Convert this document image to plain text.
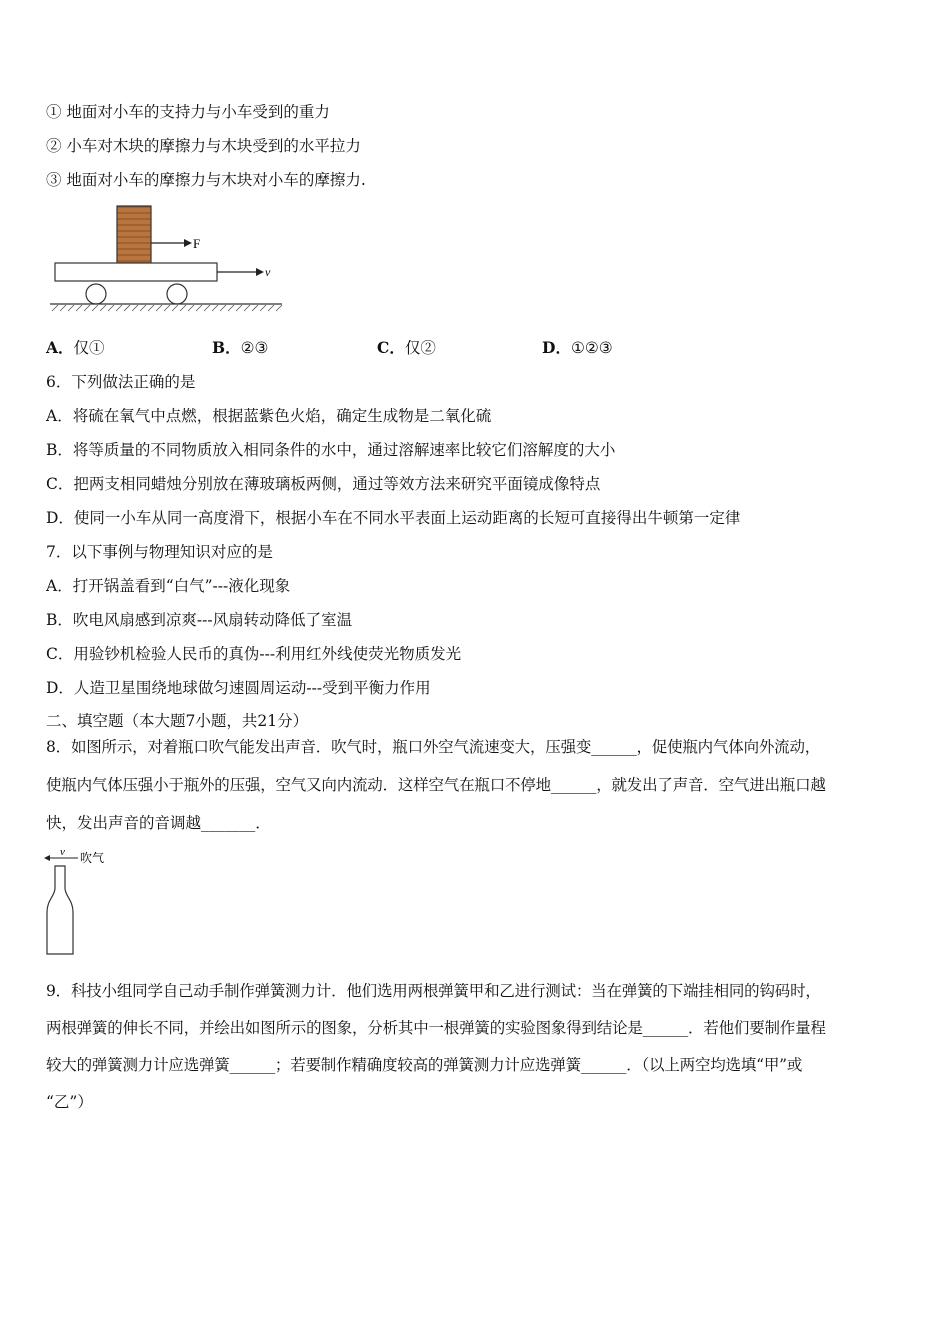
① 地面对小车的支持力与小车受到的重力
② 小车对木块的摩擦力与木块受到的水平拉力
③ 地面对小车的摩擦力与木块对小车的摩擦力.
F
v
A．仅①	B．②③	C．仅②	D．①②③
6．下列做法正确的是
A．将硫在氧气中点燃，根据蓝紫色火焰，确定生成物是二氧化硫
B．将等质量的不同物质放入相同条件的水中，通过溶解速率比较它们溶解度的大小
C．把两支相同蜡烛分别放在薄玻璃板两侧，通过等效方法来研究平面镜成像特点
D．使同一小车从同一高度滑下，根据小车在不同水平表面上运动距离的长短可直接得出牛顿第一定律
7．以下事例与物理知识对应的是
A．打开锅盖看到“白气”---液化现象
B．吹电风扇感到凉爽---风扇转动降低了室温
C．用验钞机检验人民币的真伪---利用红外线使荧光物质发光
D．人造卫星围绕地球做匀速圆周运动---受到平衡力作用
二、填空题（本大题7小题，共21分）
8．如图所示，对着瓶口吹气能发出声音．吹气时，瓶口外空气流速变大，压强变______，促使瓶内气体向外流动，
使瓶内气体压强小于瓶外的压强，空气又向内流动．这样空气在瓶口不停地______，就发出了声音．空气进出瓶口越
快，发出声音的音调越_______．
v 吹气
9．科技小组同学自己动手制作弹簧测力计．他们选用两根弹簧甲和乙进行测试：当在弹簧的下端挂相同的钩码时，
两根弹簧的伸长不同，并绘出如图所示的图象，分析其中一根弹簧的实验图象得到结论是______．若他们要制作量程
较大的弹簧测力计应选弹簧______；若要制作精确度较高的弹簧测力计应选弹簧______．（以上两空均选填“甲”或
“乙”）
